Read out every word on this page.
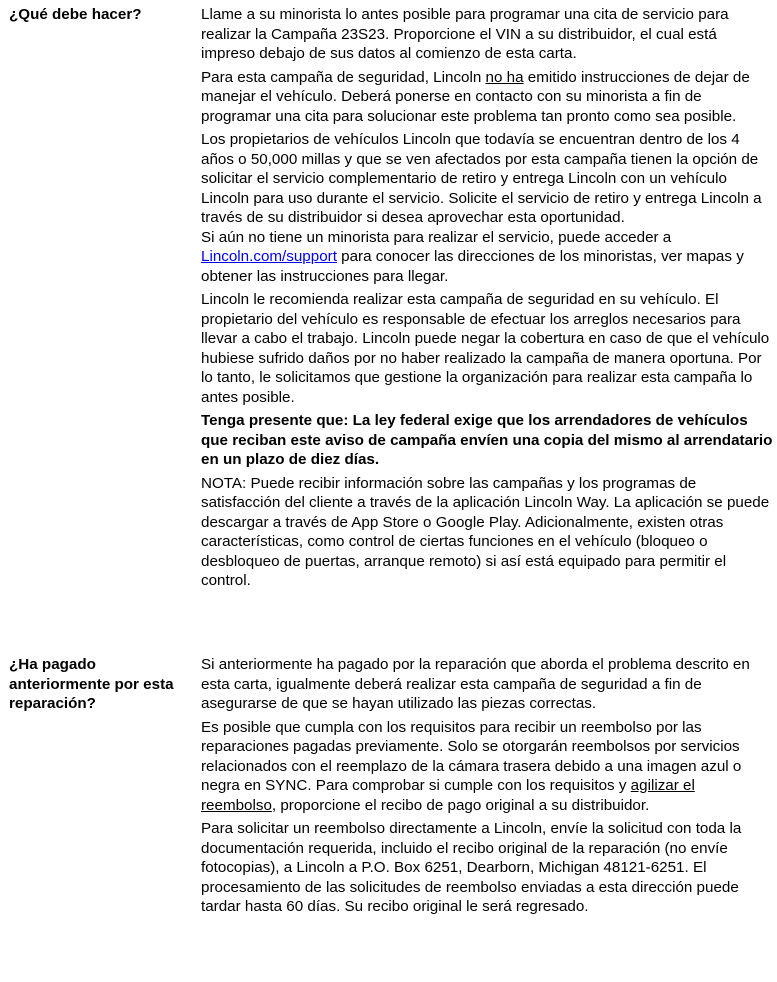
¿Qué debe hacer?	Llame a su minorista lo antes posible para programar una cita de servicio para realizar la Campaña 23S23. Proporcione el VIN a su distribuidor, el cual está impreso debajo de sus datos al comienzo de esta carta.

Para esta campaña de seguridad, Lincoln no ha emitido instrucciones de dejar de manejar el vehículo. Deberá ponerse en contacto con su minorista a fin de programar una cita para solucionar este problema tan pronto como sea posible.

Los propietarios de vehículos Lincoln que todavía se encuentran dentro de los 4 años o 50,000 millas y que se ven afectados por esta campaña tienen la opción de solicitar el servicio complementario de retiro y entrega Lincoln con un vehículo Lincoln para uso durante el servicio. Solicite el servicio de retiro y entrega Lincoln a través de su distribuidor si desea aprovechar esta oportunidad.

Si aún no tiene un minorista para realizar el servicio, puede acceder a Lincoln.com/support para conocer las direcciones de los minoristas, ver mapas y obtener las instrucciones para llegar.

Lincoln le recomienda realizar esta campaña de seguridad en su vehículo. El propietario del vehículo es responsable de efectuar los arreglos necesarios para llevar a cabo el trabajo. Lincoln puede negar la cobertura en caso de que el vehículo hubiese sufrido daños por no haber realizado la campaña de manera oportuna. Por lo tanto, le solicitamos que gestione la organización para realizar esta campaña lo antes posible.

Tenga presente que: La ley federal exige que los arrendadores de vehículos que reciban este aviso de campaña envíen una copia del mismo al arrendatario en un plazo de diez días.

NOTA: Puede recibir información sobre las campañas y los programas de satisfacción del cliente a través de la aplicación Lincoln Way. La aplicación se puede descargar a través de App Store o Google Play. Adicionalmente, existen otras características, como control de ciertas funciones en el vehículo (bloqueo o desbloqueo de puertas, arranque remoto) si así está equipado para permitir el control.

¿Ha pagado anteriormente por esta reparación?

Si anteriormente ha pagado por la reparación que aborda el problema descrito en esta carta, igualmente deberá realizar esta campaña de seguridad a fin de asegurarse de que se hayan utilizado las piezas correctas.

Es posible que cumpla con los requisitos para recibir un reembolso por las reparaciones pagadas previamente. Solo se otorgarán reembolsos por servicios relacionados con el reemplazo de la cámara trasera debido a una imagen azul o negra en SYNC. Para comprobar si cumple con los requisitos y agilizar el reembolso, proporcione el recibo de pago original a su distribuidor.

Para solicitar un reembolso directamente a Lincoln, envíe la solicitud con toda la documentación requerida, incluido el recibo original de la reparación (no envíe fotocopias), a Lincoln a P.O. Box 6251, Dearborn, Michigan 48121-6251. El procesamiento de las solicitudes de reembolso enviadas a esta dirección puede tardar hasta 60 días. Su recibo original le será regresado.
